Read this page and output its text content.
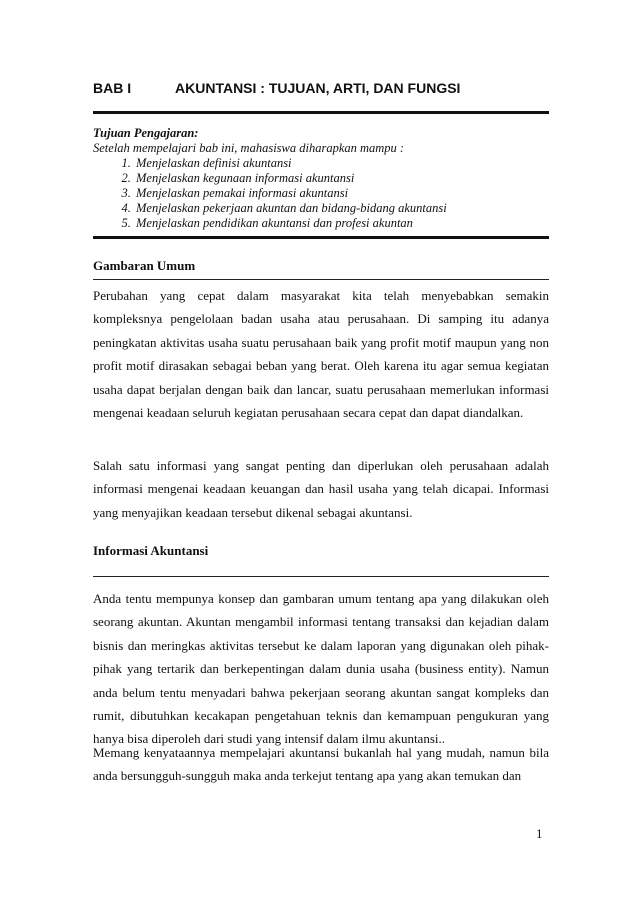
BAB I	AKUNTANSI : TUJUAN, ARTI, DAN FUNGSI
Tujuan Pengajaran:
Setelah mempelajari bab ini, mahasiswa diharapkan mampu :
1. Menjelaskan definisi akuntansi
2. Menjelaskan kegunaan informasi akuntansi
3. Menjelaskan pemakai informasi akuntansi
4. Menjelaskan pekerjaan akuntan dan bidang-bidang akuntansi
5. Menjelaskan pendidikan akuntansi dan profesi akuntan
Gambaran Umum

Perubahan yang cepat dalam masyarakat kita telah menyebabkan semakin kompleksnya pengelolaan badan usaha atau perusahaan. Di samping itu adanya peningkatan aktivitas usaha suatu perusahaan baik yang profit motif maupun yang non profit motif dirasakan sebagai beban yang berat. Oleh karena itu agar semua kegiatan usaha dapat berjalan dengan baik dan lancar, suatu perusahaan memerlukan informasi mengenai keadaan seluruh kegiatan perusahaan secara cepat dan dapat diandalkan.

Salah satu informasi yang sangat penting dan diperlukan oleh perusahaan adalah informasi mengenai keadaan keuangan dan hasil usaha yang telah dicapai. Informasi yang menyajikan keadaan tersebut dikenal sebagai akuntansi.

Informasi Akuntansi

Anda tentu mempunya konsep dan gambaran umum tentang apa yang dilakukan oleh seorang akuntan. Akuntan mengambil informasi tentang transaksi dan kejadian dalam bisnis dan meringkas aktivitas tersebut ke dalam laporan yang digunakan oleh pihak-pihak yang tertarik dan berkepentingan dalam dunia usaha (business entity). Namun anda belum tentu menyadari bahwa pekerjaan seorang akuntan sangat kompleks dan rumit, dibutuhkan kecakapan pengetahuan teknis dan kemampuan pengukuran yang hanya bisa diperoleh dari studi yang intensif dalam ilmu akuntansi..

Memang kenyataannya mempelajari akuntansi bukanlah hal yang mudah, namun bila anda bersungguh-sungguh maka anda terkejut tentang apa yang akan temukan dan

1
